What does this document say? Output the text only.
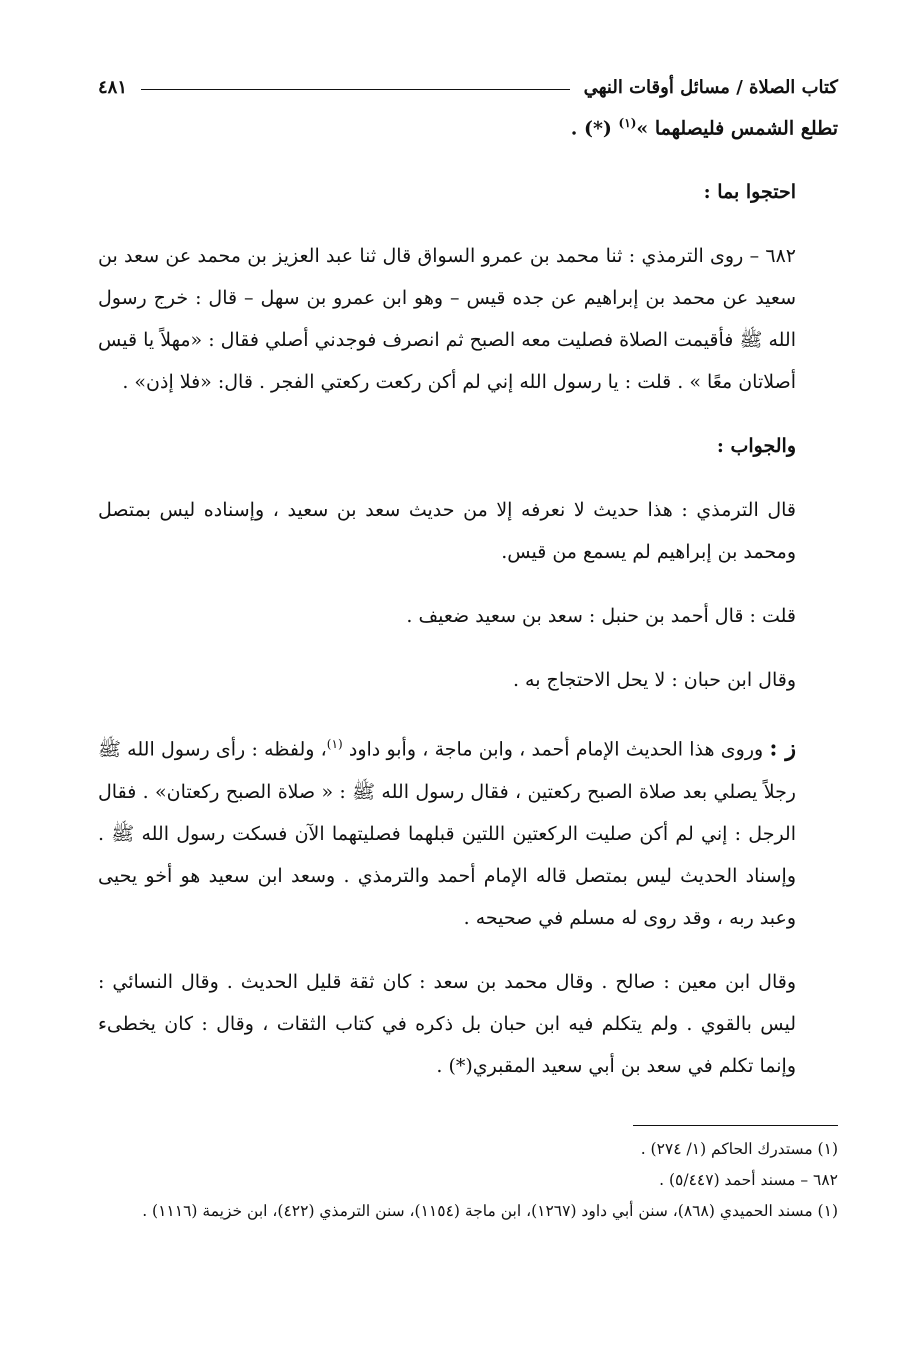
كتاب الصلاة / مسائل أوقات النهي
٤٨١

تطلع الشمس فليصلهما »$^{(١)}$ (*) .

احتجوا بما :

٦٨٢ – روى الترمذي : ثنا محمد بن عمرو السواق قال ثنا عبد العزيز بن محمد عن سعد بن سعيد عن محمد بن إبراهيم عن جده قيس – وهو ابن عمرو بن سهل – قال : خرج رسول الله ﷺ فأقيمت الصلاة فصليت معه الصبح ثم انصرف فوجدني أصلي فقال : «مهلاً يا قيس أصلاتان معًا » . قلت : يا رسول الله إني لم أكن ركعت ركعتي الفجر . قال: «فلا إذن» .

والجواب :

قال الترمذي : هذا حديث لا نعرفه إلا من حديث سعد بن سعيد ، وإسناده ليس بمتصل ومحمد بن إبراهيم لم يسمع من قيس.

قلت : قال أحمد بن حنبل : سعد بن سعيد ضعيف .

وقال ابن حبان : لا يحل الاحتجاج به .

ز : وروى هذا الحديث الإمام أحمد ، وابن ماجة ، وأبو داود $^{(١)}$، ولفظه : رأى رسول الله ﷺ رجلاً يصلي بعد صلاة الصبح ركعتين ، فقال رسول الله ﷺ : « صلاة الصبح ركعتان» . فقال الرجل : إني لم أكن صليت الركعتين اللتين قبلهما فصليتهما الآن فسكت رسول الله ﷺ . وإسناد الحديث ليس بمتصل قاله الإمام أحمد والترمذي . وسعد ابن سعيد هو أخو يحيى وعبد ربه ، وقد روى له مسلم في صحيحه .

وقال ابن معين : صالح . وقال محمد بن سعد : كان ثقة قليل الحديث . وقال النسائي : ليس بالقوي . ولم يتكلم فيه ابن حبان بل ذكره في كتاب الثقات ، وقال : كان يخطىء وإنما تكلم في سعد بن أبي سعيد المقبري(*) .

(١) مستدرك الحاكم (١/ ٢٧٤) .

٦٨٢ – مسند أحمد (٥/٤٤٧) .

(١) مسند الحميدي (٨٦٨)، سنن أبي داود (١٢٦٧)، ابن ماجة (١١٥٤)، سنن الترمذي (٤٢٢)، ابن خزيمة (١١١٦) .
